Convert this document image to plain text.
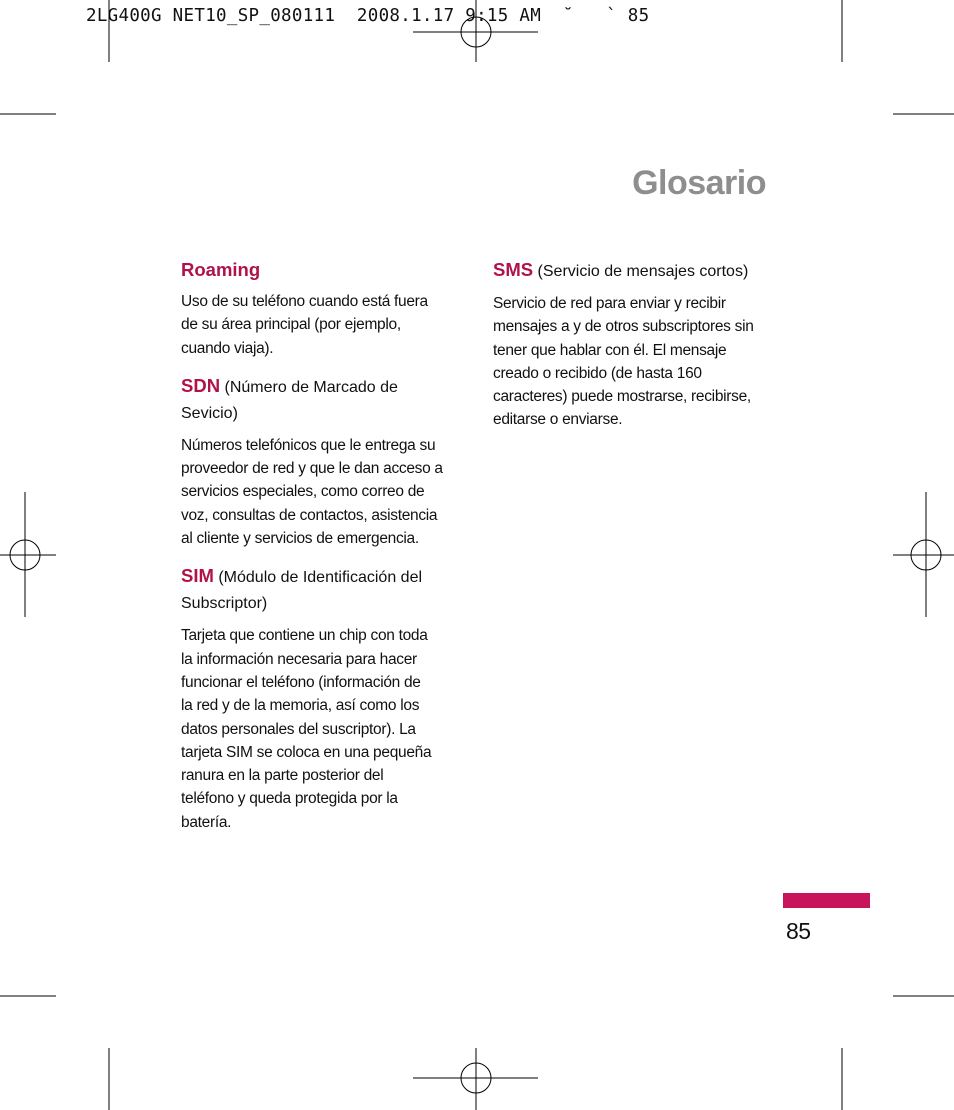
2LG400G NET10_SP_080111  2008.1.17 9:15 AM  ˘   ` 85
Glosario
Roaming
Uso de su teléfono cuando está fuera
de su área principal (por ejemplo,
cuando viaja).
SDN (Número de Marcado de
Sevicio)
Números telefónicos que le entrega su
proveedor de red y que le dan acceso a
servicios especiales, como correo de
voz, consultas de contactos, asistencia
al cliente y servicios de emergencia.
SIM (Módulo de Identificación del
Subscriptor)
Tarjeta que contiene un chip con toda
la información necesaria para hacer
funcionar el teléfono (información de
la red y de la memoria, así como los
datos personales del suscriptor). La
tarjeta SIM se coloca en una pequeña
ranura en la parte posterior del
teléfono y queda protegida por la
batería.
SMS (Servicio de mensajes cortos)
Servicio de red para enviar y recibir
mensajes a y de otros subscriptores sin
tener que hablar con él. El mensaje
creado o recibido (de hasta 160
caracteres) puede mostrarse, recibirse,
editarse o enviarse.
85
